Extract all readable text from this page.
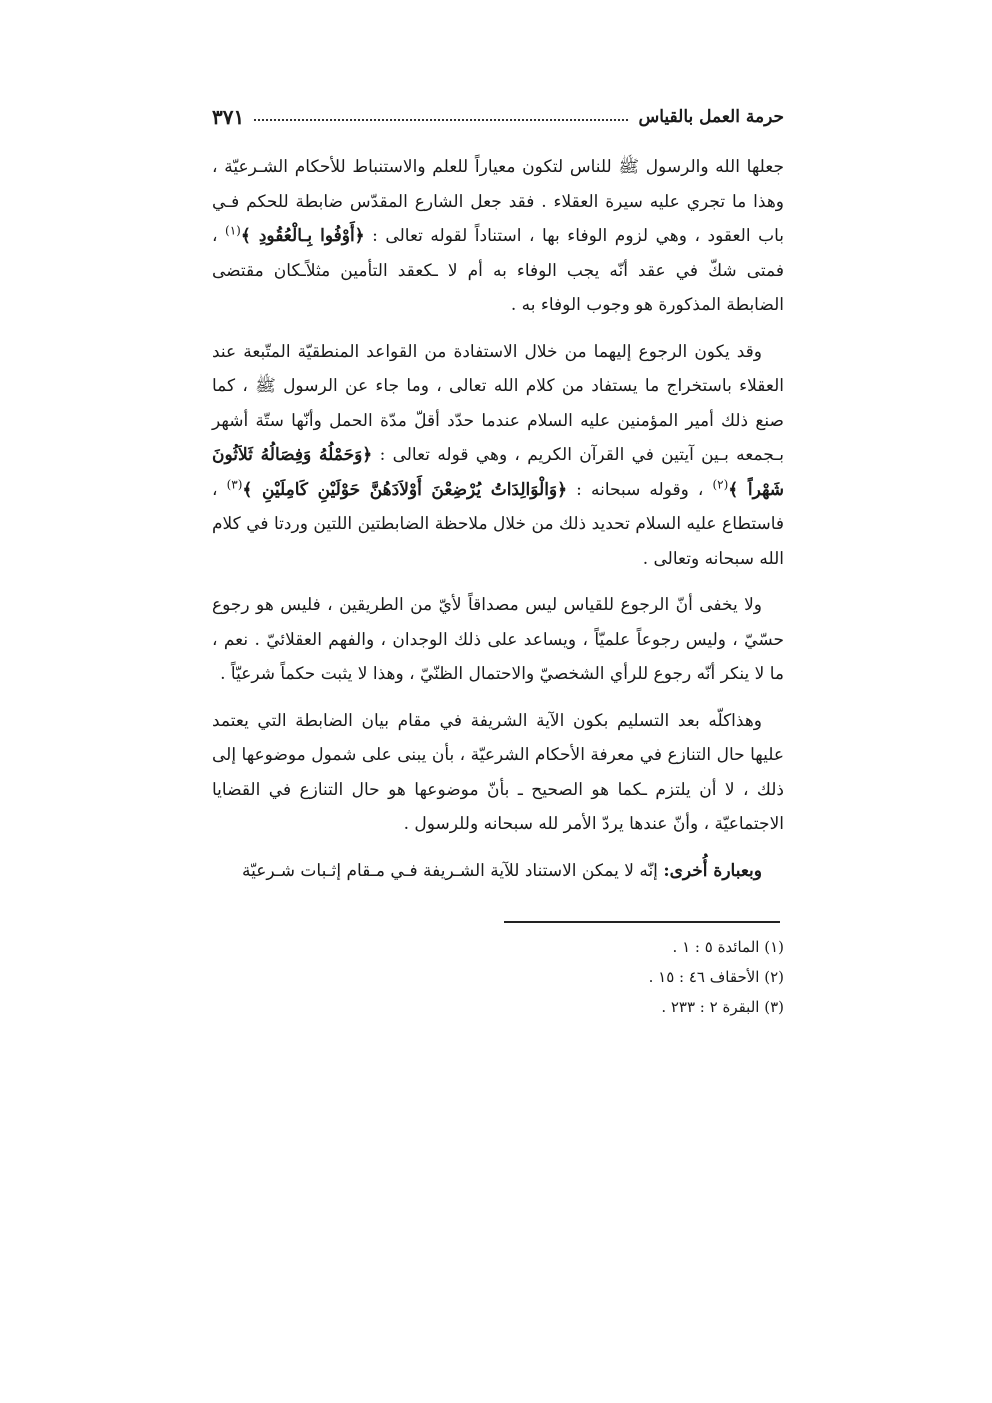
حرمة العمل بالقياس
٣٧١

جعلها الله والرسول ﷺ للناس لتكون معياراً للعلم والاستنباط للأحكام الشـرعيّة ، وهذا ما تجري عليه سيرة العقلاء . فقد جعل الشارع المقدّس ضابطة للحكم فـي باب العقود ، وهي لزوم الوفاء بها ، استناداً لقوله تعالى : ﴿أَوْفُوا بِـالْعُقُودِ ﴾$^{(١)}$ ، فمتى شكّ في عقد أنّه يجب الوفاء به أم لا ـكعقد التأمين مثلاًـكان مقتضى الضابطة المذكورة هو وجوب الوفاء به .

وقد يكون الرجوع إليهما من خلال الاستفادة من القواعد المنطقيّة المتّبعة عند العقلاء باستخراج ما يستفاد من كلام الله تعالى ، وما جاء عن الرسول ﷺ ، كما صنع ذلك أمير المؤمنين عليه السلام عندما حدّد أقلّ مدّة الحمل وأنّها ستّة أشهر بـجمعه بـين آيتين في القرآن الكريم ، وهي قوله تعالى : ﴿وَحَمْلُهُ وَفِصَالُهُ ثَلاَثُونَ شَهْراً ﴾$^{(٢)}$ ، وقوله سبحانه : ﴿وَالْوَالِدَاتُ يُرْضِعْنَ أَوْلاَدَهُنَّ حَوْلَيْنِ كَامِلَيْنِ ﴾$^{(٣)}$ ، فاستطاع عليه السلام تحديد ذلك من خلال ملاحظة الضابطتين اللتين وردتا في كلام الله سبحانه وتعالى .

ولا يخفى أنّ الرجوع للقياس ليس مصداقاً لأيّ من الطريقين ، فليس هو رجوع حسّيّ ، وليس رجوعاً علميّاً ، ويساعد على ذلك الوجدان ، والفهم العقلائيّ . نعم ، ما لا ينكر أنّه رجوع للرأي الشخصيّ والاحتمال الظنّيّ ، وهذا لا يثبت حكماً شرعيّاً .

وهذاكلّه بعد التسليم بكون الآية الشريفة في مقام بيان الضابطة التي يعتمد عليها حال التنازع في معرفة الأحكام الشرعيّة ، بأن يبنى على شمول موضوعها إلى ذلك ، لا أن يلتزم ـكما هو الصحيح ـ بأنّ موضوعها هو حال التنازع في القضايا الاجتماعيّة ، وأنّ عندها يردّ الأمر لله سبحانه وللرسول .

وبعبارة أُخرى: إنّه لا يمكن الاستناد للآية الشـريفة فـي مـقام إثـبات شـرعيّة

(١) المائدة ٥ : ١ .
(٢) الأحقاف ٤٦ : ١٥ .
(٣) البقرة ٢ : ٢٣٣ .
